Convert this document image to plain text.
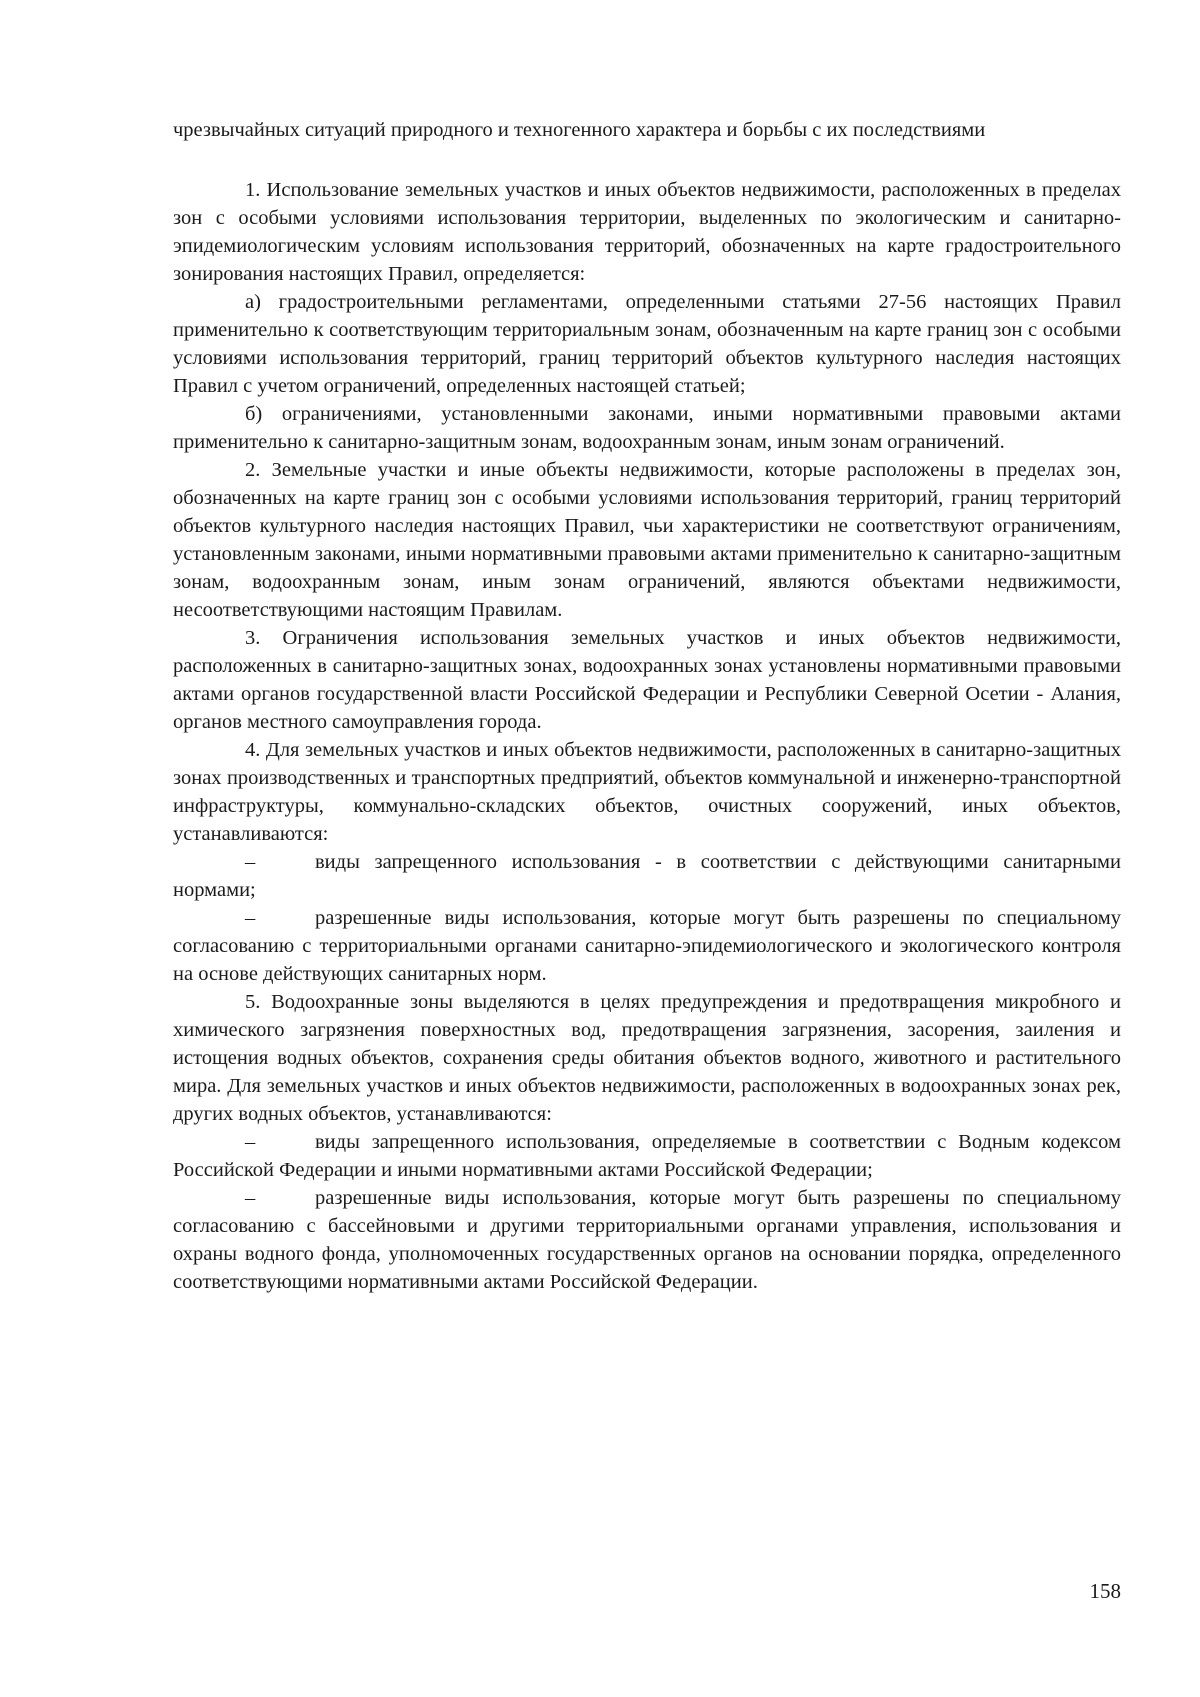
чрезвычайных ситуаций природного и техногенного характера и борьбы с их последствиями

1. Использование земельных участков и иных объектов недвижимости, расположенных в пределах зон с особыми условиями использования территории, выделенных по экологическим и санитарно-эпидемиологическим условиям использования территорий, обозначенных на карте градостроительного зонирования настоящих Правил, определяется:

а) градостроительными регламентами, определенными статьями 27-56 настоящих Правил применительно к соответствующим территориальным зонам, обозначенным на карте границ зон с особыми условиями использования территорий, границ территорий объектов культурного наследия настоящих Правил с учетом ограничений, определенных настоящей статьей;

б) ограничениями, установленными законами, иными нормативными правовыми актами применительно к санитарно-защитным зонам, водоохранным зонам, иным зонам ограничений.

2. Земельные участки и иные объекты недвижимости, которые расположены в пределах зон, обозначенных на карте границ зон с особыми условиями использования территорий, границ территорий объектов культурного наследия настоящих Правил, чьи характеристики не соответствуют ограничениям, установленным законами, иными нормативными правовыми актами применительно к санитарно-защитным зонам, водоохранным зонам, иным зонам ограничений, являются объектами недвижимости, несоответствующими настоящим Правилам.

3. Ограничения использования земельных участков и иных объектов недвижимости, расположенных в санитарно-защитных зонах, водоохранных зонах установлены нормативными правовыми актами органов государственной власти Российской Федерации и Республики Северной Осетии - Алания, органов местного самоуправления города.

4. Для земельных участков и иных объектов недвижимости, расположенных в санитарно-защитных зонах производственных и транспортных предприятий, объектов коммунальной и инженерно-транспортной инфраструктуры, коммунально-складских объектов, очистных сооружений, иных объектов, устанавливаются:

–	виды запрещенного использования - в соответствии с действующими санитарными нормами;

–	разрешенные виды использования, которые могут быть разрешены по специальному согласованию с территориальными органами санитарно-эпидемиологического и экологического контроля на основе действующих санитарных норм.

5. Водоохранные зоны выделяются в целях предупреждения и предотвращения микробного и химического загрязнения поверхностных вод, предотвращения загрязнения, засорения, заиления и истощения водных объектов, сохранения среды обитания объектов водного, животного и растительного мира. Для земельных участков и иных объектов недвижимости, расположенных в водоохранных зонах рек, других водных объектов, устанавливаются:

–	виды запрещенного использования, определяемые в соответствии с Водным кодексом Российской Федерации и иными нормативными актами Российской Федерации;

–	разрешенные виды использования, которые могут быть разрешены по специальному согласованию с бассейновыми и другими территориальными органами управления, использования и охраны водного фонда, уполномоченных государственных органов на основании порядка, определенного соответствующими нормативными актами Российской Федерации.

158
